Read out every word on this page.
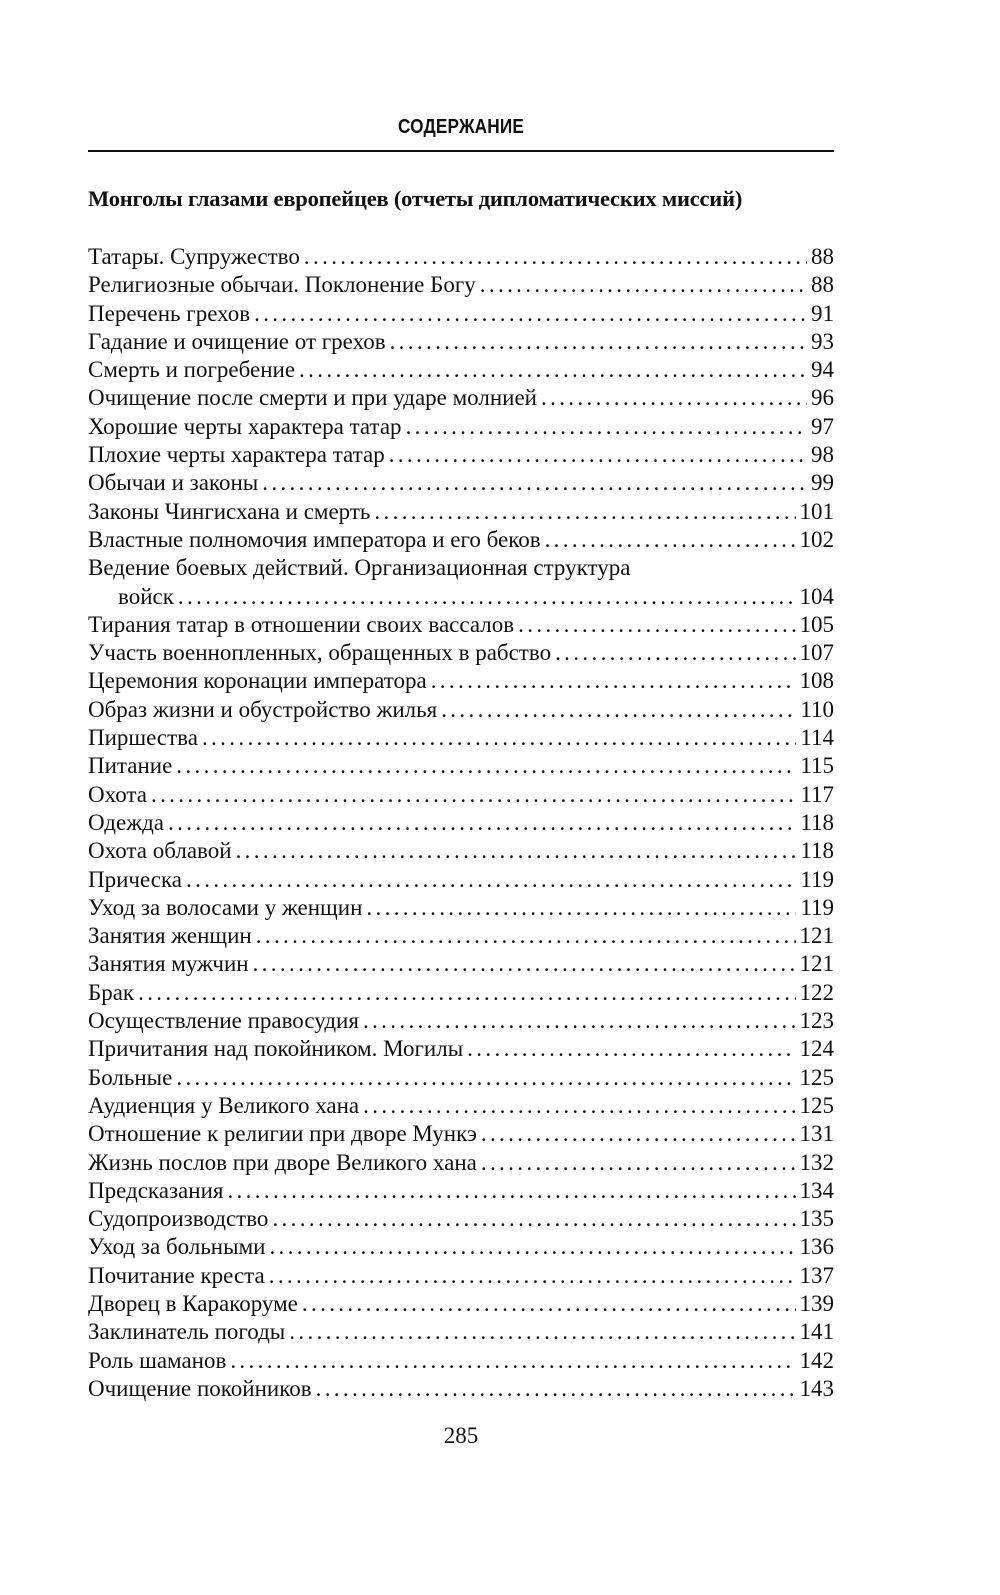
СОДЕРЖАНИЕ
Монголы глазами европейцев (отчеты дипломатических миссий)
Татары. Супружество . . .	88
Религиозные обычаи. Поклонение Богу . . .	88
Перечень грехов . . .	91
Гадание и очищение от грехов . . .	93
Смерть и погребение . . .	94
Очищение после смерти и при ударе молнией . . .	96
Хорошие черты характера татар . . .	97
Плохие черты характера татар . . .	98
Обычаи и законы . . .	99
Законы Чингисхана и смерть . . .	101
Властные полномочия императора и его беков . . .	102
Ведение боевых действий. Организационная структура
войск . . .	104
Тирания татар в отношении своих вассалов . . .	105
Участь военнопленных, обращенных в рабство . . .	107
Церемония коронации императора . . .	108
Образ жизни и обустройство жилья . . .	110
Пиршества . . .	114
Питание . . .	115
Охота . . .	117
Одежда . . .	118
Охота облавой . . .	118
Прическа . . .	119
Уход за волосами у женщин . . .	119
Занятия женщин . . .	121
Занятия мужчин . . .	121
Брак . . .	122
Осуществление правосудия . . .	123
Причитания над покойником. Могилы . . .	124
Больные . . .	125
Аудиенция у Великого хана . . .	125
Отношение к религии при дворе Мункэ . . .	131
Жизнь послов при дворе Великого хана . . .	132
Предсказания . . .	134
Судопроизводство . . .	135
Уход за больными . . .	136
Почитание креста . . .	137
Дворец в Каракоруме . . .	139
Заклинатель погоды . . .	141
Роль шаманов . . .	142
Очищение покойников . . .	143
285
